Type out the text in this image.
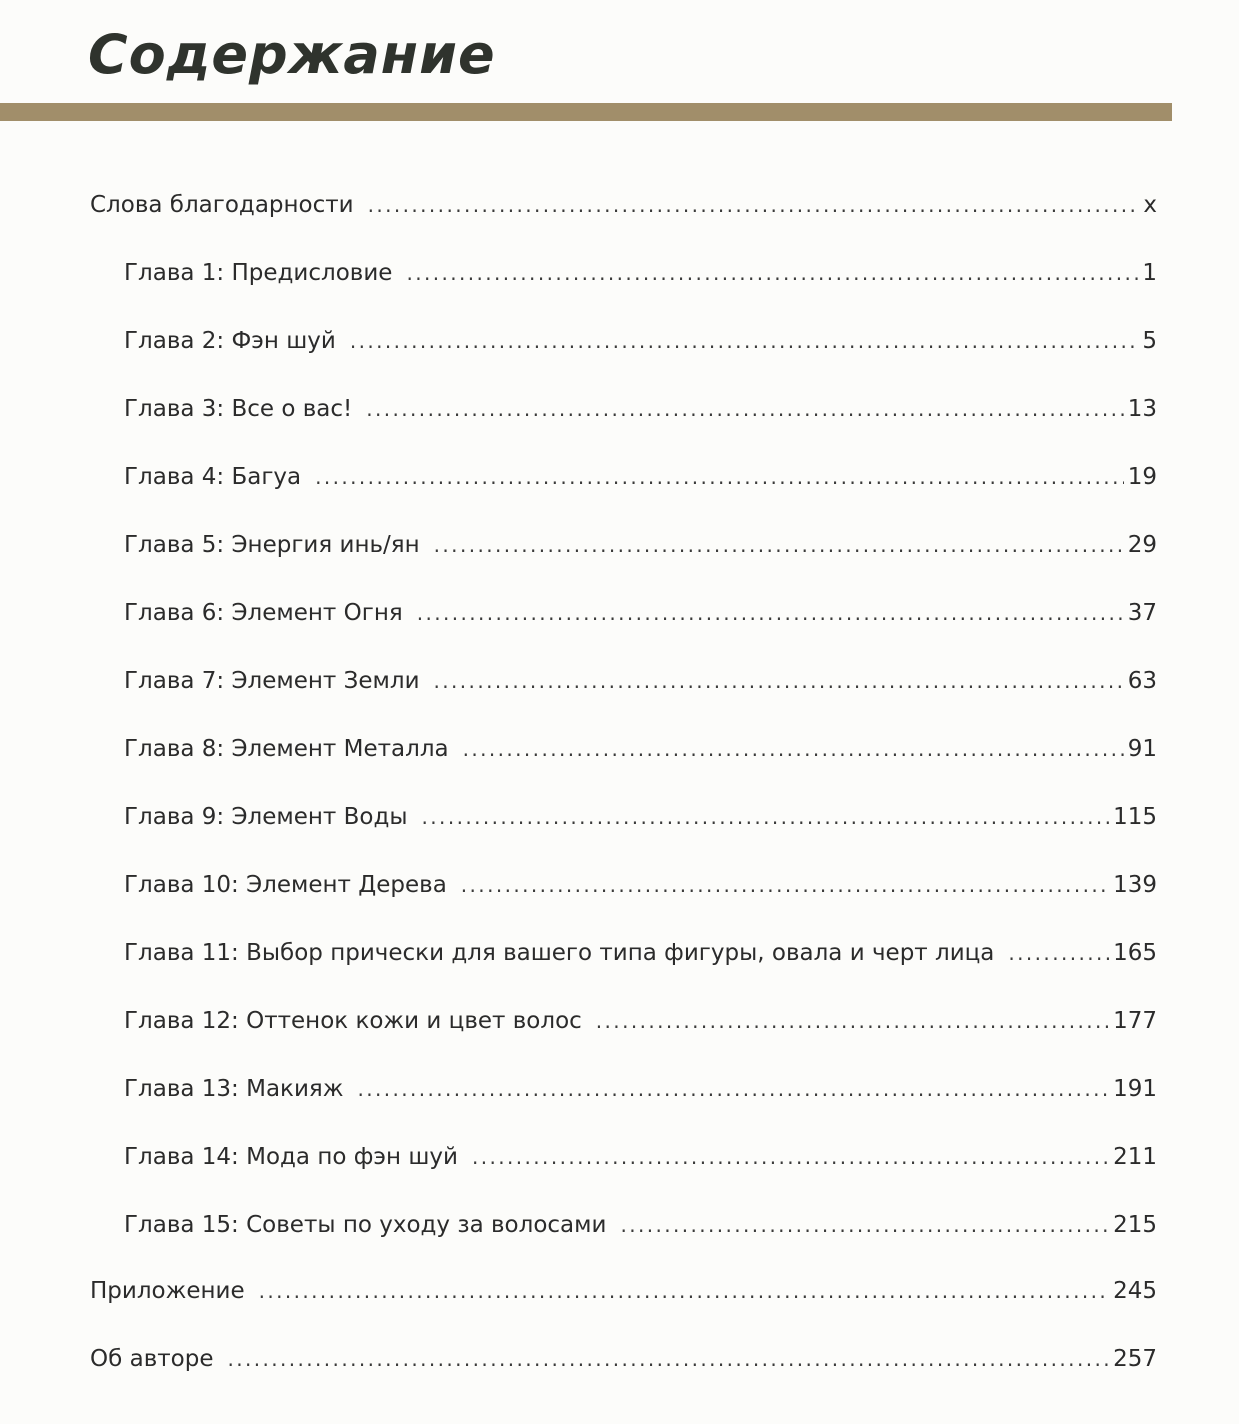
Содержание
Слова благодарности .....	x
Глава 1: Предисловие .....	1
Глава 2: Фэн шуй .....	5
Глава 3: Все о вас! .....	13
Глава 4: Багуа .....	19
Глава 5: Энергия инь/ян .....	29
Глава 6: Элемент Огня .....	37
Глава 7: Элемент Земли .....	63
Глава 8: Элемент Металла .....	91
Глава 9: Элемент Воды .....	115
Глава 10: Элемент Дерева .....	139
Глава 11: Выбор прически для вашего типа фигуры, овала и черт лица .....	165
Глава 12: Оттенок кожи и цвет волос .....	177
Глава 13: Макияж .....	191
Глава 14: Мода по фэн шуй .....	211
Глава 15: Советы по уходу за волосами .....	215
Приложение .....	245
Об авторе .....	257
